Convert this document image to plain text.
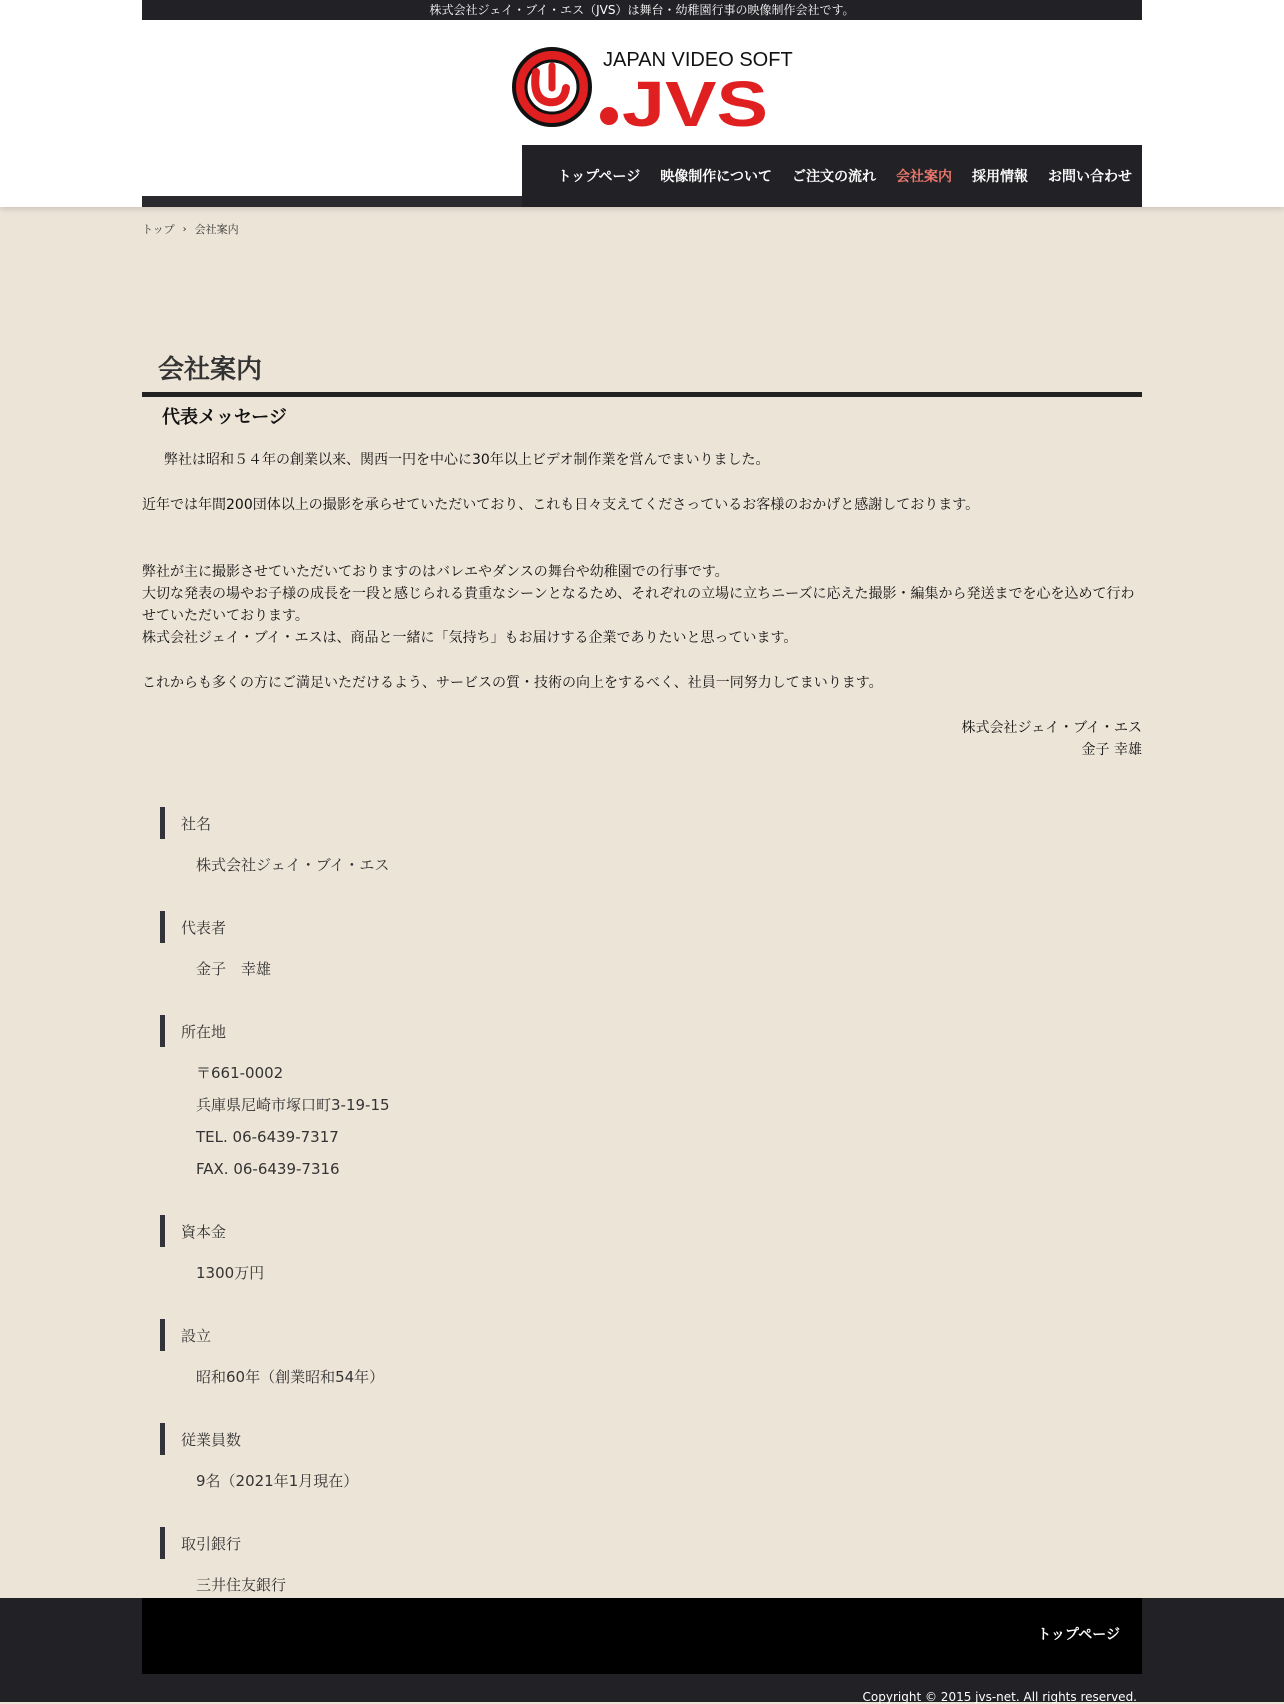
株式会社ジェイ・ブイ・エス（JVS）は舞台・幼稚園行事の映像制作会社です。
JAPAN VIDEO SOFT
JVS
トップページ 映像制作について ご注文の流れ 会社案内 採用情報 お問い合わせ
トップ › 会社案内
会社案内
代表メッセージ

弊社は昭和５４年の創業以来、関西一円を中心に30年以上ビデオ制作業を営んでまいりました。

近年では年間200団体以上の撮影を承らせていただいており、これも日々支えてくださっているお客様のおかげと感謝しております。

弊社が主に撮影させていただいておりますのはバレエやダンスの舞台や幼稚園での行事です。

大切な発表の場やお子様の成長を一段と感じられる貴重なシーンとなるため、それぞれの立場に立ちニーズに応えた撮影・編集から発送までを心を込めて行わせていただいております。

株式会社ジェイ・ブイ・エスは、商品と一緒に「気持ち」もお届けする企業でありたいと思っています。

これからも多くの方にご満足いただけるよう、サービスの質・技術の向上をするべく、社員一同努力してまいります。

株式会社ジェイ・ブイ・エス
金子 幸雄
社名
株式会社ジェイ・ブイ・エス
代表者
金子　幸雄
所在地
〒661-0002
兵庫県尼崎市塚口町3-19-15
TEL. 06-6439-7317
FAX. 06-6439-7316
資本金
1300万円
設立
昭和60年（創業昭和54年）
従業員数
9名（2021年1月現在）
取引銀行
三井住友銀行
トップページ
Copyright © 2015 jvs-net. All rights reserved.
